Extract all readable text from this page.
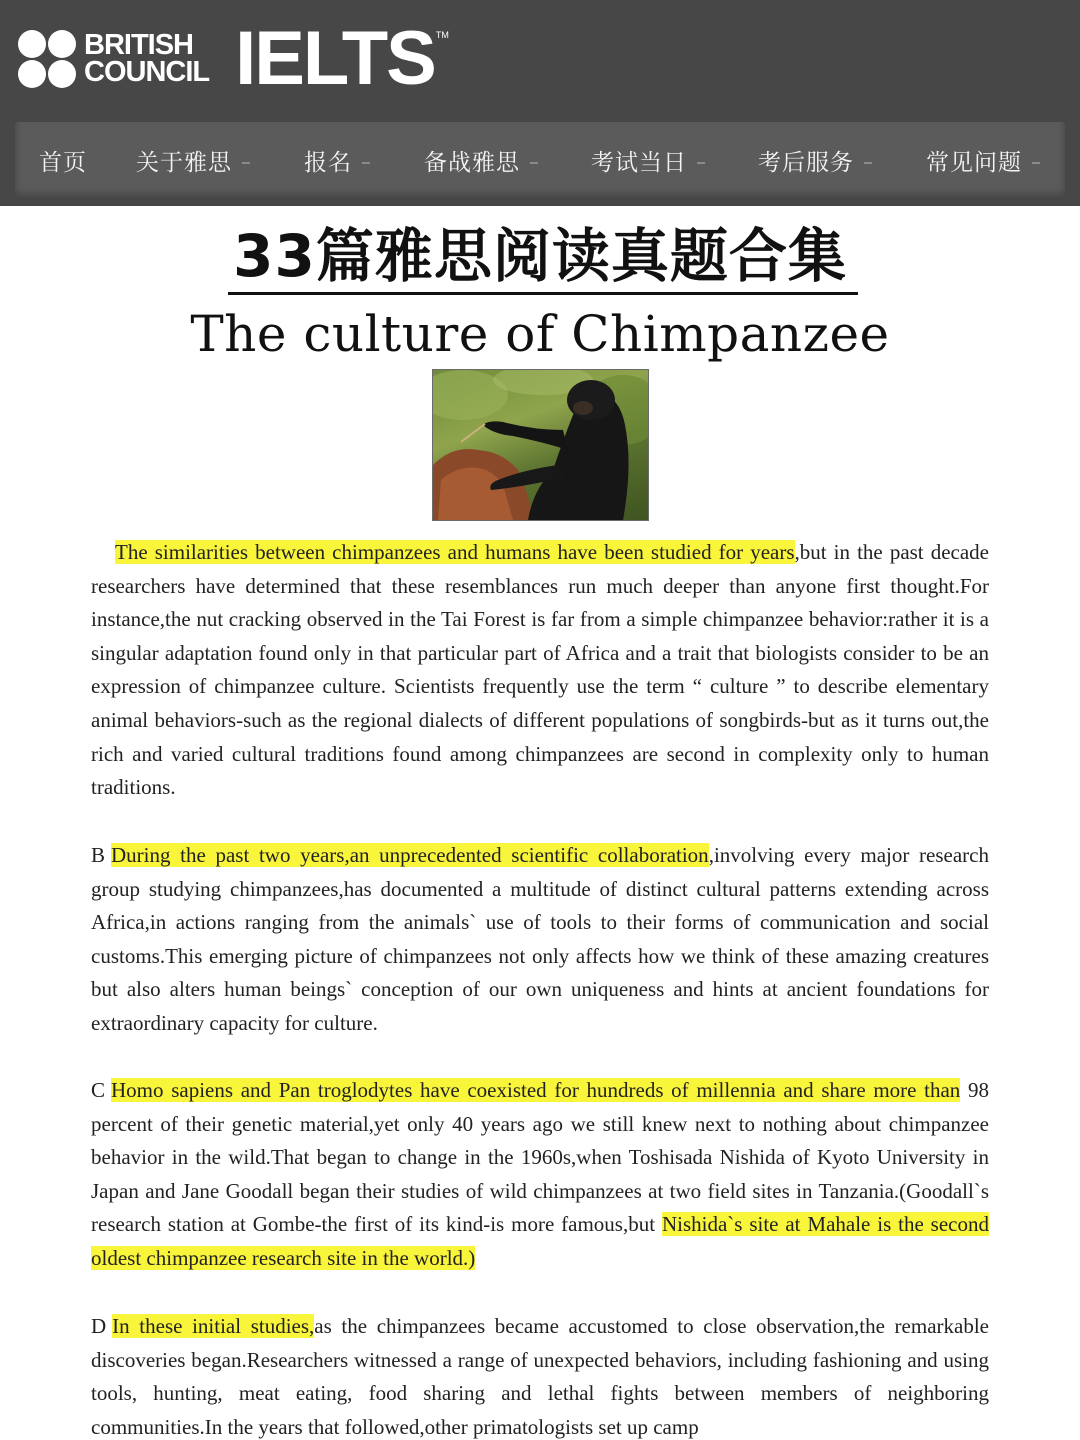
BRITISH
COUNCIL IELTS TM
首页 关于雅思	报名	备战雅思	考试当日	考后服务	常见问题
33篇雅思阅读真题合集
The culture of Chimpanzee

The similarities between chimpanzees and humans have been studied for years,but in the past decade researchers have determined that these resemblances run much deeper than anyone first thought.For instance,the nut cracking observed in the Tai Forest is far from a simple chimpanzee behavior:rather it is a singular adaptation found only in that particular part of Africa and a trait that biologists consider to be an expression of chimpanzee culture. Scientists frequently use the term “ culture ” to describe elementary animal behaviors-such as the regional dialects of different populations of songbirds-but as it turns out,the rich and varied cultural traditions found among chimpanzees are second in complexity only to human traditions.

B During the past two years,an unprecedented scientific collaboration,involving every major research group studying chimpanzees,has documented a multitude of distinct cultural patterns extending across Africa,in actions ranging from the animals` use of tools to their forms of communication and social customs.This emerging picture of chimpanzees not only affects how we think of these amazing creatures but also alters human beings` conception of our own uniqueness and hints at ancient foundations for extraordinary capacity for culture.

C Homo sapiens and Pan troglodytes have coexisted for hundreds of millennia and share more than 98 percent of their genetic material,yet only 40 years ago we still knew next to nothing about chimpanzee behavior in the wild.That began to change in the 1960s,when Toshisada Nishida of Kyoto University in Japan and Jane Goodall began their studies of wild chimpanzees at two field sites in Tanzania.(Goodall`s research station at Gombe-the first of its kind-is more famous,but Nishida`s site at Mahale is the second oldest chimpanzee research site in the world.)

D In these initial studies,as the chimpanzees became accustomed to close observation,the remarkable discoveries began.Researchers witnessed a range of unexpected behaviors, including fashioning and using tools, hunting, meat eating, food sharing and lethal fights between members of neighboring communities.In the years that followed,other primatologists set up camp
